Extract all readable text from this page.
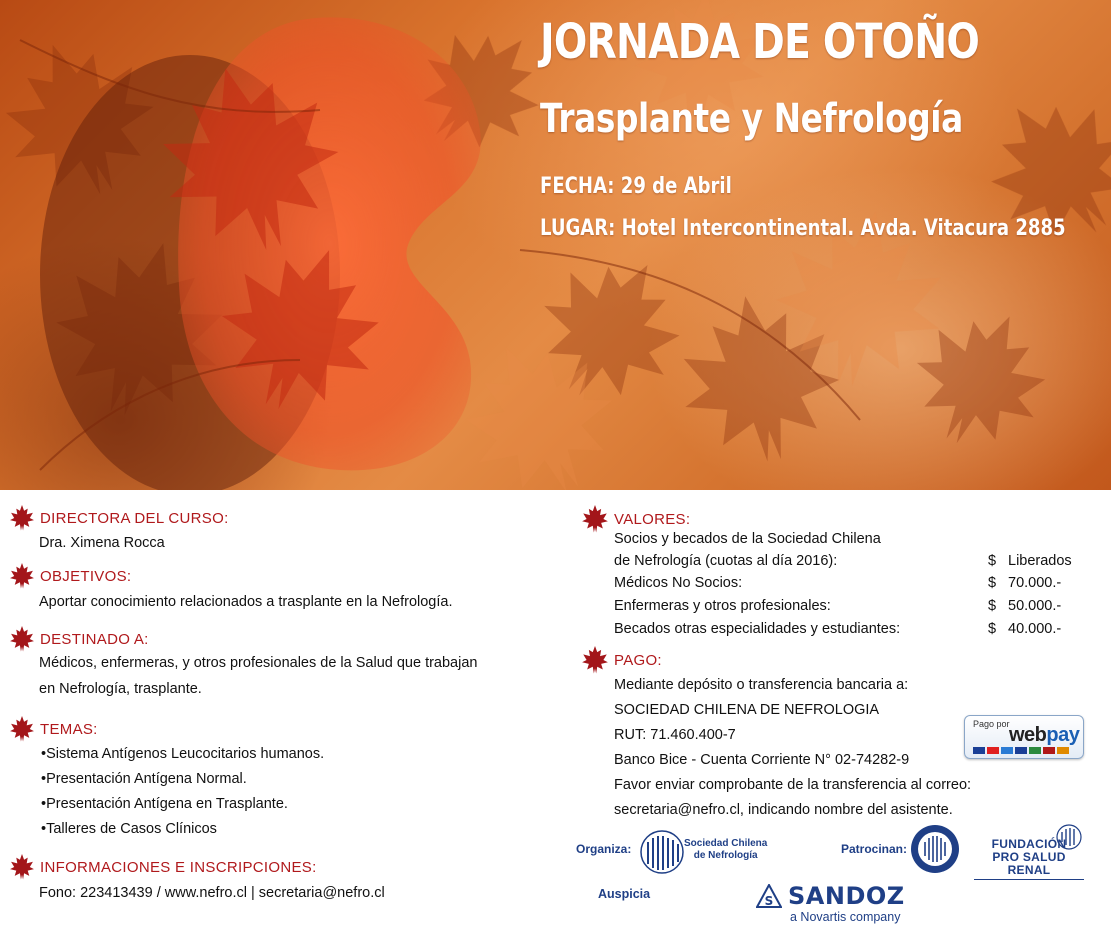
JORNADA DE OTOÑO
Trasplante y Nefrología
FECHA: 29 de Abril
LUGAR: Hotel Intercontinental. Avda. Vitacura 2885
DIRECTORA DEL CURSO:
Dra. Ximena Rocca
OBJETIVOS:
Aportar conocimiento relacionados a trasplante en la Nefrología.
DESTINADO A:
Médicos, enfermeras, y otros profesionales de la Salud que trabajan
en Nefrología, trasplante.
TEMAS:
•Sistema Antígenos Leucocitarios humanos.
•Presentación Antígena Normal.
•Presentación Antígena en Trasplante.
•Talleres de Casos Clínicos
INFORMACIONES E INSCRIPCIONES:
Fono: 223413439 / www.nefro.cl | secretaria@nefro.cl
VALORES:
Socios y becados de la Sociedad Chilena
de Nefrología (cuotas al día 2016):	$ Liberados
Médicos No Socios:	$ 70.000.-
Enfermeras y otros profesionales:	$ 50.000.-
Becados otras especialidades y estudiantes:	$ 40.000.-
PAGO:
Mediante depósito o transferencia bancaria a:
SOCIEDAD CHILENA DE NEFROLOGIA
RUT: 71.460.400-7
Banco Bice - Cuenta Corriente N° 02-74282-9
Favor enviar comprobante de la transferencia al correo:
secretaria@nefro.cl, indicando nombre del asistente.
Pago por webpay
Organiza:	Sociedad Chilena
de Nefrología	Patrocinan:	FUNDACIÓN
PRO SALUD RENAL
Auspicia	S SANDOZ
a Novartis company
